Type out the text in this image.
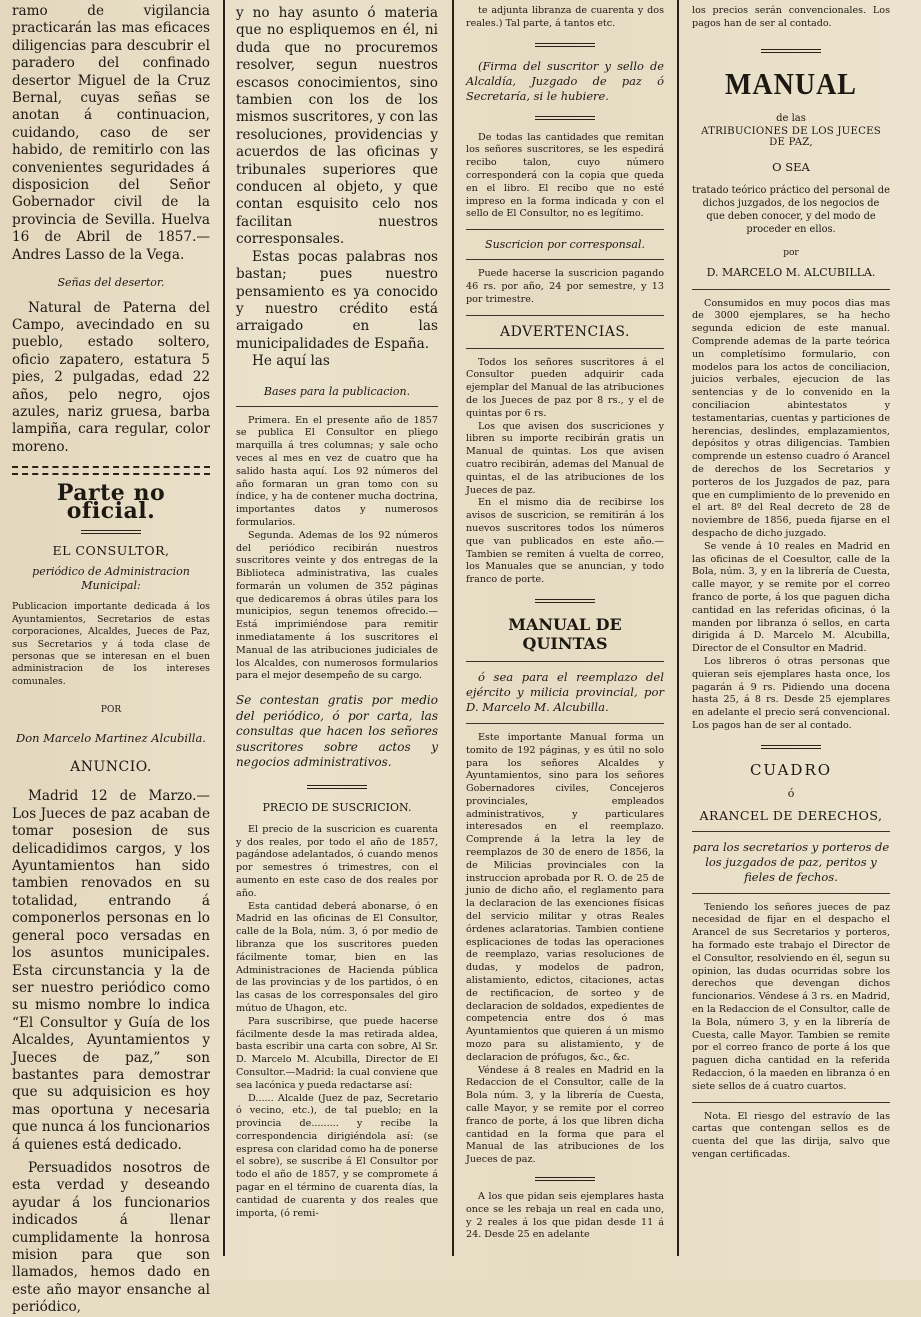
ramo de vigilancia practicarán las mas eficaces diligencias para descubrir el paradero del confinado desertor Miguel de la Cruz Bernal, cuyas señas se anotan á continuacion, cuidando, caso de ser habido, de remitirlo con las convenientes seguridades á disposicion del Señor Gobernador civil de la provincia de Sevilla. Huelva 16 de Abril de 1857.—Andres Lasso de la Vega.

Señas del desertor.

Natural de Paterna del Campo, avecindado en su pueblo, estado soltero, oficio zapatero, estatura 5 pies, 2 pulgadas, edad 22 años, pelo negro, ojos azules, nariz gruesa, barba lampiña, cara regular, color moreno.

Parte no oficial.
EL CONSULTOR,

periódico de Administracion Municipal:

Publicacion importante dedicada á los Ayuntamientos, Secretarios de estas corporaciones, Alcaldes, Jueces de Paz, sus Secretarios y á toda clase de personas que se interesan en el buen administracion de los intereses comunales.

POR

Don Marcelo Martinez Alcubilla.

ANUNCIO.

Madrid 12 de Marzo.—Los Jueces de paz acaban de tomar posesion de sus delicadidimos cargos, y los Ayuntamientos han sido tambien renovados en su totalidad, entrando á componerlos personas en lo general poco versadas en los asuntos municipales. Esta circunstancia y la de ser nuestro periódico como su mismo nombre lo indica “El Consultor y Guía de los Alcaldes, Ayuntamientos y Jueces de paz,” son bastantes para demostrar que su adquisicion es hoy mas oportuna y necesaria que nunca á los funcionarios á quienes está dedicado.

Persuadidos nosotros de esta verdad y deseando ayudar á los funcionarios indicados á llenar cumplidamente la honrosa mision para que son llamados, hemos dado en este año mayor ensanche al periódico,

y no hay asunto ó materia que no espliquemos en él, ni duda que no procuremos resolver, segun nuestros escasos conocimientos, sino tambien con los de los mismos suscritores, y con las resoluciones, providencias y acuerdos de las oficinas y tribunales superiores que conducen al objeto, y que contan esquisito celo nos facilitan nuestros corresponsales.

Estas pocas palabras nos bastan; pues nuestro pensamiento es ya conocido y nuestro crédito está arraigado en las municipalidades de España.

He aquí las

Bases para la publicacion.

Primera. En el presente año de 1857 se publica El Consultor en pliego marquilla á tres columnas; y sale ocho veces al mes en vez de cuatro que ha salido hasta aquí. Los 92 números del año formaran un gran tomo con su índice, y ha de contener mucha doctrina, importantes datos y numerosos formularios.

Segunda. Ademas de los 92 números del periódico recibirán nuestros suscritores veinte y dos entregas de la Biblioteca administrativa, las cuales formarán un volumen de 352 páginas que dedicaremos á obras útiles para los municipios, segun tenemos ofrecido.—Está imprimiéndose para remitir inmediatamente á los suscritores el Manual de las atribuciones judiciales de los Alcaldes, con numerosos formularios para el mejor desempeño de su cargo.

Se contestan gratis por medio del periódico, ó por carta, las consultas que hacen los señores suscritores sobre actos y negocios administrativos.

PRECIO DE SUSCRICION.

El precio de la suscricion es cuarenta y dos reales, por todo el año de 1857, pagándose adelantados, ó cuando menos por semestres ó trimestres, con el aumento en este caso de dos reales por año.

Esta cantidad deberá abonarse, ó en Madrid en las oficinas de El Consultor, calle de la Bola, núm. 3, ó por medio de libranza que los suscritores pueden fácilmente tomar, bien en las Administraciones de Hacienda pública de las provincias y de los partidos, ó en las casas de los corresponsales del giro mútuo de Uhagon, etc.

Para suscribirse, que puede hacerse fácilmente desde la mas retirada aldea, basta escribir una carta con sobre, Al Sr. D. Marcelo M. Alcubilla, Director de El Consultor.—Madrid: la cual conviene que sea lacónica y pueda redactarse así:

D...... Alcalde (Juez de paz, Secretario ó vecino, etc.), de tal pueblo; en la provincia de......... y recibe la correspondencia dirigiéndola así: (se espresa con claridad como ha de ponerse el sobre), se suscribe á El Consultor por todo el año de 1857, y se compromete á pagar en el término de cuarenta días, la cantidad de cuarenta y dos reales que importa, (ó remi-

te adjunta libranza de cuarenta y dos reales.) Tal parte, á tantos etc.

(Firma del suscritor y sello de Alcaldía, Juzgado de paz ó Secretaría, si le hubiere.

De todas las cantidades que remitan los señores suscritores, se les espedirá recibo talon, cuyo número corresponderá con la copia que queda en el libro. El recibo que no esté impreso en la forma indicada y con el sello de El Consultor, no es legítimo.

Suscricion por corresponsal.

Puede hacerse la suscricion pagando 46 rs. por año, 24 por semestre, y 13 por trimestre.

ADVERTENCIAS.

Todos los señores suscritores á el Consultor pueden adquirir cada ejemplar del Manual de las atribuciones de los Jueces de paz por 8 rs., y el de quintas por 6 rs.

Los que avisen dos suscriciones y libren su importe recibirán gratis un Manual de quintas. Los que avisen cuatro recibirán, ademas del Manual de quintas, el de las atribuciones de los Jueces de paz.

En el mismo dia de recibirse los avisos de suscricion, se remitirán á los nuevos suscritores todos los números que van publicados en este año.—Tambien se remiten á vuelta de correo, los Manuales que se anuncian, y todo franco de porte.

MANUAL DE QUINTAS

ó sea para el reemplazo del ejército y milicia provincial, por D. Marcelo M. Alcubilla.

Este importante Manual forma un tomito de 192 páginas, y es útil no solo para los señores Alcaldes y Ayuntamientos, sino para los señores Gobernadores civiles, Concejeros provinciales, empleados administrativos, y particulares interesados en el reemplazo. Comprende á la letra la ley de reemplazos de 30 de enero de 1856, la de Milicias provinciales con la instruccion aprobada por R. O. de 25 de junio de dicho año, el reglamento para la declaracion de las exenciones físicas del servicio militar y otras Reales órdenes aclaratorias. Tambien contiene esplicaciones de todas las operaciones de reemplazo, varias resoluciones de dudas, y modelos de padron, alistamiento, edictos, citaciones, actas de rectificacion, de sorteo y de declaracion de soldados, expedientes de competencia entre dos ó mas Ayuntamientos que quieren á un mismo mozo para su alistamiento, y de declaracion de prófugos, &c., &c.

Véndese á 8 reales en Madrid en la Redaccion de el Consultor, calle de la Bola núm. 3, y la librería de Cuesta, calle Mayor, y se remite por el correo franco de porte, á los que libren dicha cantidad en la forma que para el Manual de las atribuciones de los Jueces de paz.

A los que pidan seis ejemplares hasta once se les rebaja un real en cada uno, y 2 reales á los que pidan desde 11 á 24. Desde 25 en adelante

los precios serán convencionales. Los pagos han de ser al contado.

MANUAL

de las

ATRIBUCIONES DE LOS JUECES DE PAZ,

O SEA

tratado teórico práctico del personal de dichos juzgados, de los negocios de que deben conocer, y del modo de proceder en ellos.

por

D. MARCELO M. ALCUBILLA.

Consumidos en muy pocos dias mas de 3000 ejemplares, se ha hecho segunda edicion de este manual. Comprende ademas de la parte teórica un completísimo formulario, con modelos para los actos de conciliacion, juicios verbales, ejecucion de las sentencias y de lo convenido en la conciliacion abintestatos y testamentarias, cuentas y particiones de herencias, deslindes, emplazamientos, depósitos y otras diligencias. Tambien comprende un estenso cuadro ó Arancel de derechos de los Secretarios y porteros de los Juzgados de paz, para que en cumplimiento de lo prevenido en el art. 8º del Real decreto de 28 de noviembre de 1856, pueda fijarse en el despacho de dicho juzgado.

Se vende á 10 reales en Madrid en las oficinas de el Coesultor, calle de la Bola, núm. 3, y en la librería de Cuesta, calle mayor, y se remite por el correo franco de porte, á los que paguen dicha cantidad en las referidas oficinas, ó la manden por libranza ó sellos, en carta dirigida á D. Marcelo M. Alcubilla, Director de el Consultor en Madrid.

Los libreros ó otras personas que quieran seis ejemplares hasta once, los pagarán á 9 rs. Pidiendo una docena hasta 25, á 8 rs. Desde 25 ejemplares en adelante el precio será convencional. Los pagos han de ser al contado.

CUADRO

ó

ARANCEL DE DERECHOS,

para los secretarios y porteros de los juzgados de paz, peritos y fieles de fechos.

Teniendo los señores jueces de paz necesidad de fijar en el despacho el Arancel de sus Secretarios y porteros, ha formado este trabajo el Director de el Consultor, resolviendo en él, segun su opinion, las dudas ocurridas sobre los derechos que devengan dichos funcionarios. Véndese á 3 rs. en Madrid, en la Redaccion de el Consultor, calle de la Bola, número 3, y en la librería de Cuesta, calle Mayor. Tambien se remite por el correo franco de porte á los que paguen dicha cantidad en la referida Redaccion, ó la maeden en libranza ó en siete sellos de á cuatro cuartos.

Nota. El riesgo del estravío de las cartas que contengan sellos es de cuenta del que las dirija, salvo que vengan certificadas.
